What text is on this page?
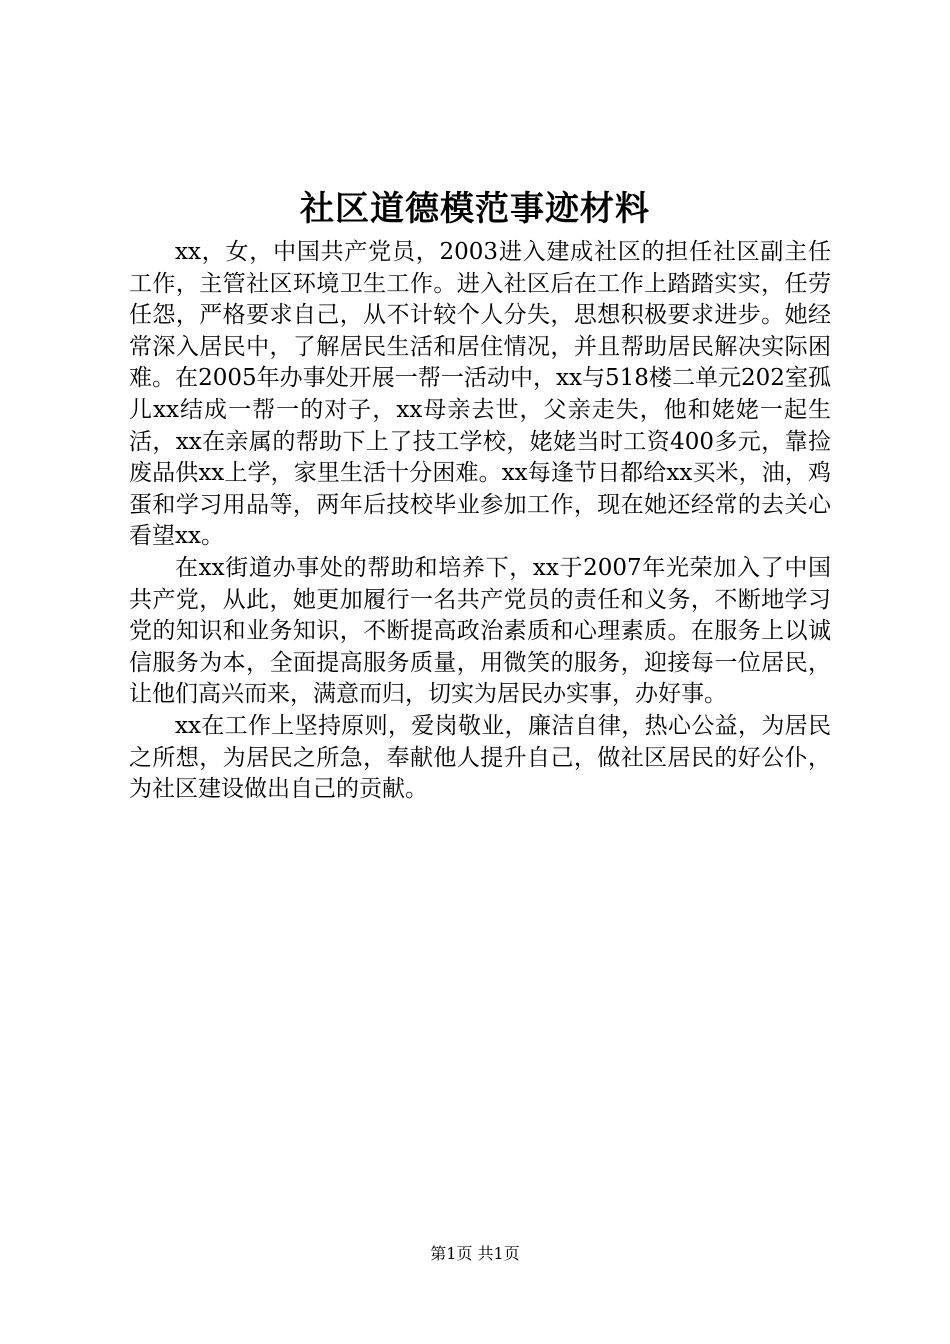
社区道德模范事迹材料

xx，女，中国共产党员，2003进入建成社区的担任社区副主任工作，主管社区环境卫生工作。进入社区后在工作上踏踏实实，任劳任怨，严格要求自己，从不计较个人分失，思想积极要求进步。她经常深入居民中，了解居民生活和居住情况，并且帮助居民解决实际困难。在2005年办事处开展一帮一活动中，xx与518楼二单元202室孤儿xx结成一帮一的对子，xx母亲去世，父亲走失，他和姥姥一起生活，xx在亲属的帮助下上了技工学校，姥姥当时工资400多元，靠捡废品供xx上学，家里生活十分困难。xx每逢节日都给xx买米，油，鸡蛋和学习用品等，两年后技校毕业参加工作，现在她还经常的去关心看望xx。

在xx街道办事处的帮助和培养下，xx于2007年光荣加入了中国共产党，从此，她更加履行一名共产党员的责任和义务，不断地学习党的知识和业务知识，不断提高政治素质和心理素质。在服务上以诚信服务为本，全面提高服务质量，用微笑的服务，迎接每一位居民，让他们高兴而来，满意而归，切实为居民办实事，办好事。

xx在工作上坚持原则，爱岗敬业，廉洁自律，热心公益，为居民之所想，为居民之所急，奉献他人提升自己，做社区居民的好公仆，为社区建设做出自己的贡献。

第1页 共1页
